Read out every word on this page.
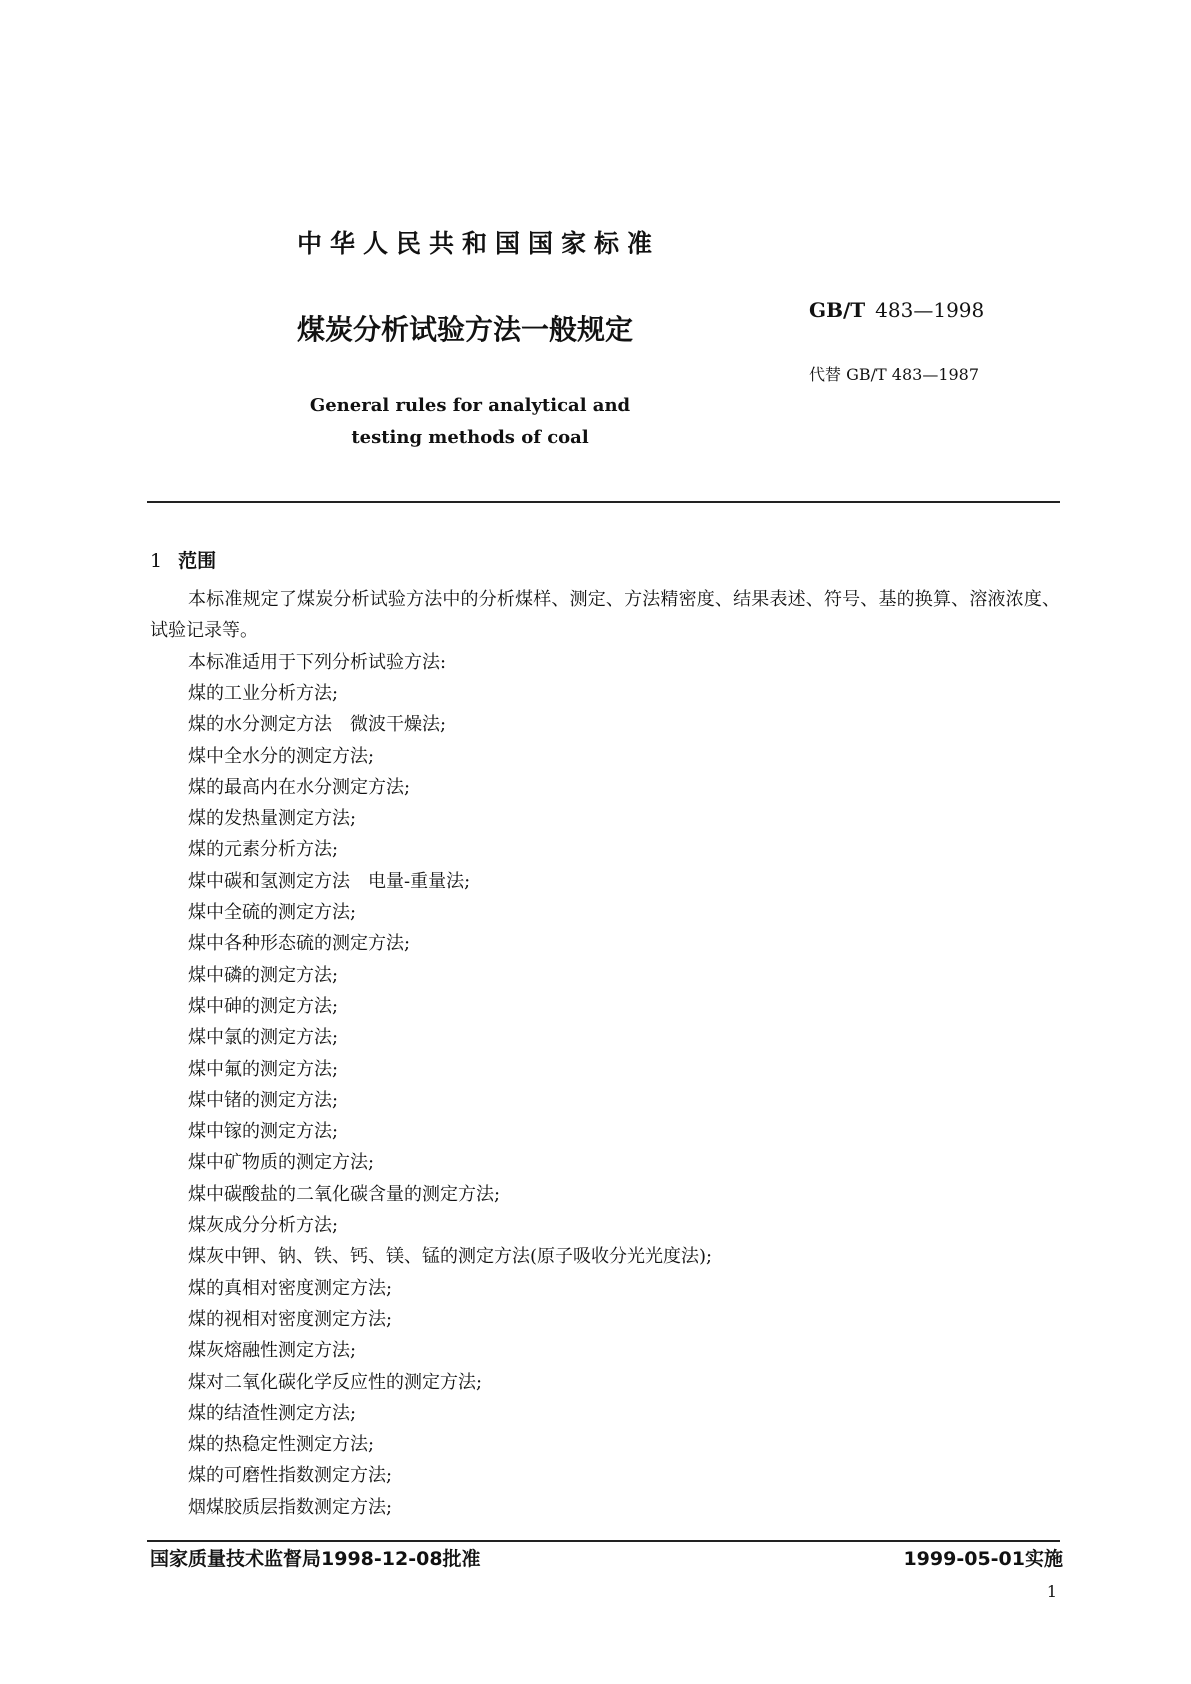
中华人民共和国国家标准
煤炭分析试验方法一般规定
GB/T 483—1998
代替 GB/T 483—1987
General rules for analytical and
testing methods of coal
1 范围

本标准规定了煤炭分析试验方法中的分析煤样、测定、方法精密度、结果表述、符号、基的换算、溶液浓度、试验记录等。

本标准适用于下列分析试验方法:

煤的工业分析方法;
煤的水分测定方法　微波干燥法;
煤中全水分的测定方法;
煤的最高内在水分测定方法;
煤的发热量测定方法;
煤的元素分析方法;
煤中碳和氢测定方法　电量-重量法;
煤中全硫的测定方法;
煤中各种形态硫的测定方法;
煤中磷的测定方法;
煤中砷的测定方法;
煤中氯的测定方法;
煤中氟的测定方法;
煤中锗的测定方法;
煤中镓的测定方法;
煤中矿物质的测定方法;
煤中碳酸盐的二氧化碳含量的测定方法;
煤灰成分分析方法;
煤灰中钾、钠、铁、钙、镁、锰的测定方法(原子吸收分光光度法);
煤的真相对密度测定方法;
煤的视相对密度测定方法;
煤灰熔融性测定方法;
煤对二氧化碳化学反应性的测定方法;
煤的结渣性测定方法;
煤的热稳定性测定方法;
煤的可磨性指数测定方法;
烟煤胶质层指数测定方法;
国家质量技术监督局1998-12-08批准	1999-05-01实施
1
